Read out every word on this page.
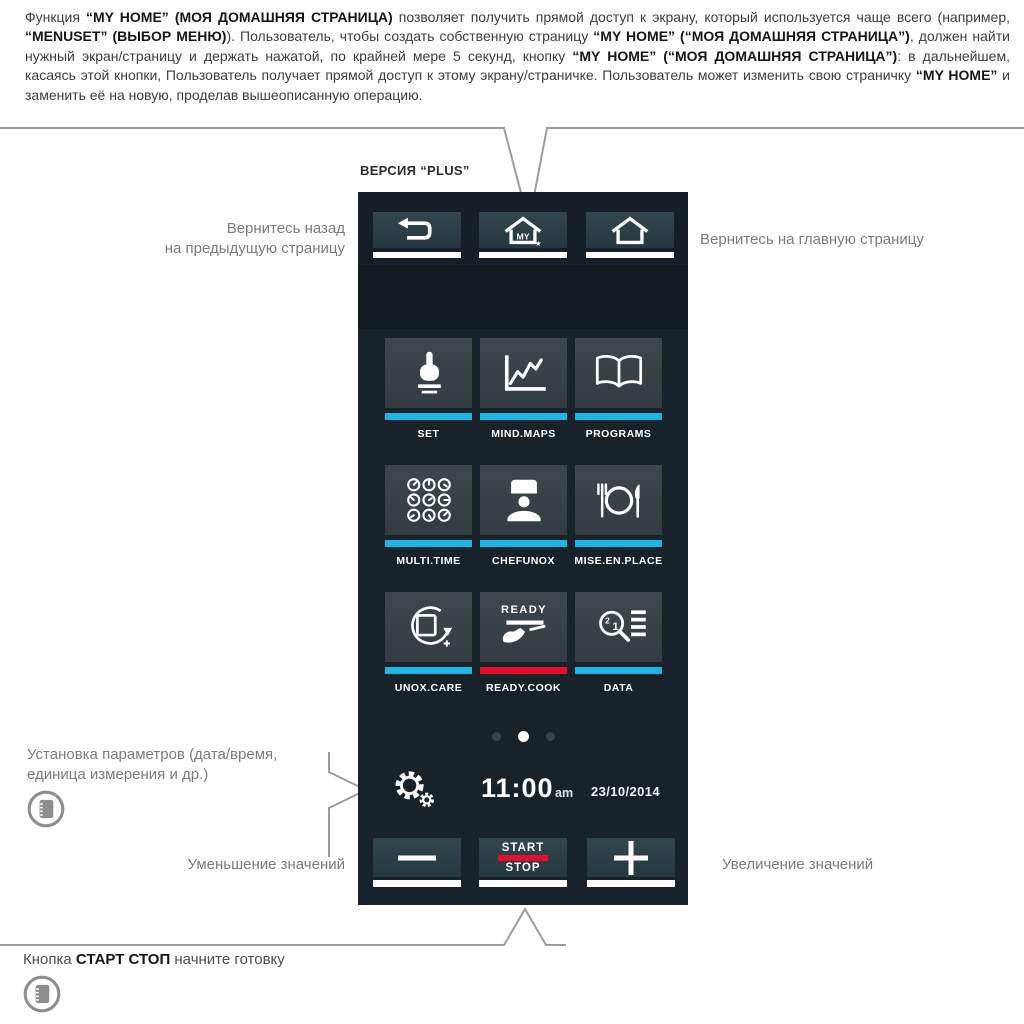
Функция “MY HOME” (МОЯ ДОМАШНЯЯ СТРАНИЦА) позволяет получить прямой доступ к экрану, который используется чаще всего (например, “MENUSET” (ВЫБОР МЕНЮ)). Пользователь, чтобы создать собственную страницу “MY HOME” (“МОЯ ДОМАШНЯЯ СТРАНИЦА”), должен найти нужный экран/страницу и держать нажатой, по крайней мере 5 секунд, кнопку “MY HOME” (“МОЯ ДОМАШНЯЯ СТРАНИЦА”): в дальнейшем, касаясь этой кнопки, Пользователь получает прямой доступ к этому экрану/страничке. Пользователь может изменить свою страничку “MY HOME” и заменить её на новую, проделав вышеописанную операцию.
ВЕРСИЯ “PLUS”
MY
★
SET	MIND.MAPS	PROGRAMS
MULTI.TIME	CHEFUNOX MISE.EN.PLACE
UNOX.CARE
READY
READY.COOK
2
1
DATA
11:00 am 23/10/2014
START
STOP
Вернитесь назад
на предыдущую страницу
Вернитесь на главную страницу
Установка параметров (дата/время,
единица измерения и др.)
Уменьшение значений	Увеличение значений
Кнопка СТАРТ СТОП начните готовку
